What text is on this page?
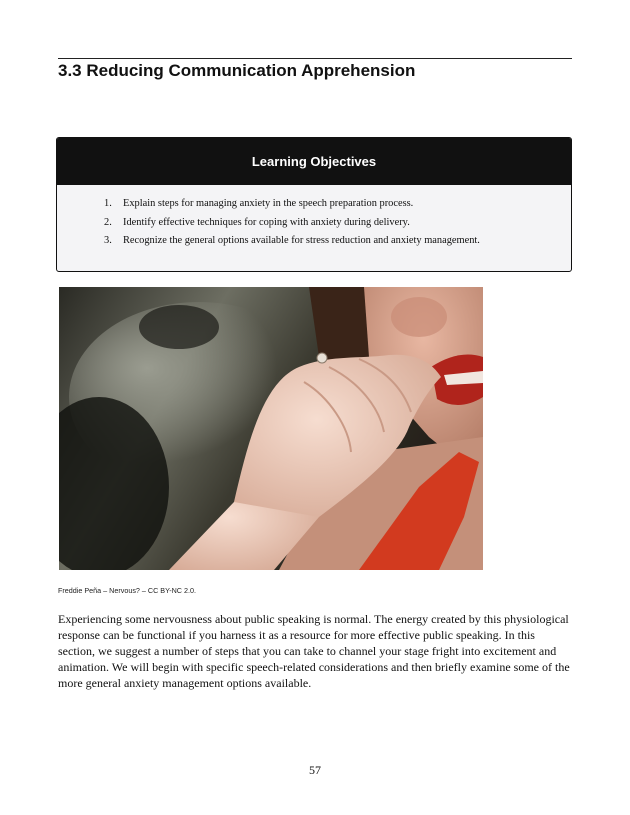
3.3 Reducing Communication Apprehension
Learning Objectives
Explain steps for managing anxiety in the speech preparation process.
Identify effective techniques for coping with anxiety during delivery.
Recognize the general options available for stress reduction and anxiety management.
Freddie Peña – Nervous? – CC BY-NC 2.0.

Experiencing some nervousness about public speaking is normal. The energy created by this physiological response can be functional if you harness it as a resource for more effective public speaking. In this section, we suggest a number of steps that you can take to channel your stage fright into excitement and animation. We will begin with specific speech-related considerations and then briefly examine some of the more general anxiety management options available.

57
